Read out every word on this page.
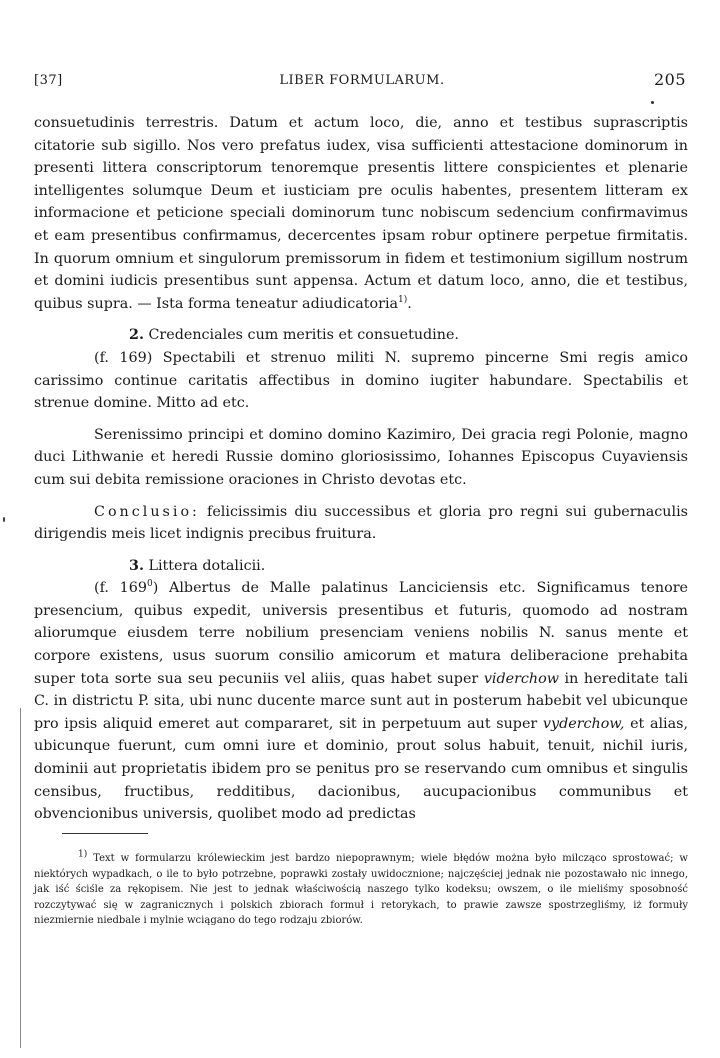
[37]	LIBER FORMULARUM.	205

consuetudinis terrestris. Datum et actum loco, die, anno et testibus suprascriptis citatorie sub sigillo. Nos vero prefatus iudex, visa sufficienti attestacione dominorum in presenti littera conscriptorum tenoremque presentis littere conspicientes et plenarie intelligentes solumque Deum et iusticiam pre oculis habentes, presentem litteram ex informacione et peticione speciali dominorum tunc nobiscum sedencium confirmavimus et eam presentibus confirmamus, decercentes ipsam robur optinere perpetue firmitatis. In quorum omnium et singulorum premissorum in fidem et testimonium sigillum nostrum et domini iudicis presentibus sunt appensa. Actum et datum loco, anno, die et testibus, quibus supra. — Ista forma teneatur adiudicatoria$^{1)}$.

2. Credenciales cum meritis et consuetudine.

(f. 169) Spectabili et strenuo militi N. supremo pincerne Smi regis amico carissimo continue caritatis affectibus in domino iugiter habundare. Spectabilis et strenue domine. Mitto ad etc.

Serenissimo principi et domino domino Kazimiro, Dei gracia regi Polonie, magno duci Lithwanie et heredi Russie domino gloriosissimo, Iohannes Episcopus Cuyaviensis cum sui debita remissione oraciones in Christo devotas etc.

Conclusio: felicissimis diu successibus et gloria pro regni sui gubernaculis dirigendis meis licet indignis precibus fruitura.

3. Littera dotalicii.

(f. $169^0$) Albertus de Malle palatinus Lanciciensis etc. Significamus tenore presencium, quibus expedit, universis presentibus et futuris, quomodo ad nostram aliorumque eiusdem terre nobilium presenciam veniens nobilis N. sanus mente et corpore existens, usus suorum consilio amicorum et matura deliberacione prehabita super tota sorte sua seu pecuniis vel aliis, quas habet super viderchow in hereditate tali C. in districtu P. sita, ubi nunc ducente marce sunt aut in posterum habebit vel ubicunque pro ipsis aliquid emeret aut compararet, sit in perpetuum aut super vyderchow, et alias, ubicunque fuerunt, cum omni iure et dominio, prout solus habuit, tenuit, nichil iuris, dominii aut proprietatis ibidem pro se penitus pro se reservando cum omnibus et singulis censibus, fructibus, redditibus, dacionibus, aucupacionibus communibus et obvencionibus universis, quolibet modo ad predictas

1) Text w formularzu królewieckim jest bardzo niepoprawnym; wiele błędów można było milcząco sprostować; w niektórych wypadkach, o ile to było potrzebne, poprawki zostały uwidocznione; najczęściej jednak nie pozostawało nic innego, jak iść ściśle za rękopisem. Nie jest to jednak właściwością naszego tylko kodeksu; owszem, o ile mieliśmy sposobność rozczytywać się w zagranicznych i polskich zbiorach formuł i retorykach, to prawie zawsze spostrzegliśmy, iż formuły niezmiernie niedbale i mylnie wciągano do tego rodzaju zbiorów.
